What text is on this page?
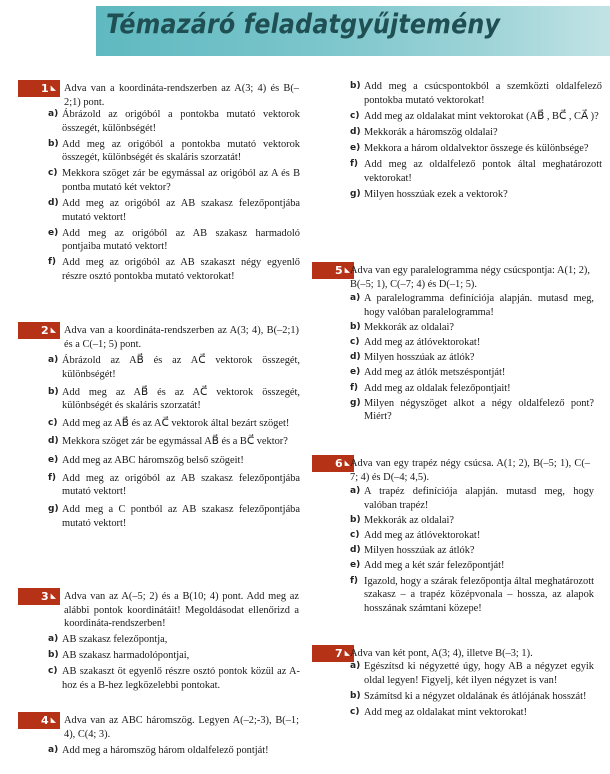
Témazáró feladatgyűjtemény
1 ◣ Adva van a koordináta-rendszerben az A(3; 4) és B(–2;1) pont.
a) Ábrázold az origóból a pontokba mutató vektorok összegét, különbségét!
b) Add meg az origóból a pontokba mutató vektorok összegét, különbségét és skaláris szorzatát!
c) Mekkora szöget zár be egymással az origóból az A és B pontba mutató két vektor?
d) Add meg az origóból az AB szakasz felezőpontjába mutató vektort!
e) Add meg az origóból az AB szakasz harmadoló pontjaiba mutató vektort!
f) Add meg az origóból az AB szakaszt négy egyenlő részre osztó pontokba mutató vektorokat!
2 ◣ Adva van a koordináta-rendszerben az A(3; 4), B(–2;1) és a C(–1; 5) pont.
a) Ábrázold az AB⃗ és az AC⃗ vektorok összegét, különbségét!
b) Add meg az AB⃗ és az AC⃗ vektorok összegét, különbségét és skaláris szorzatát!
c) Add meg az AB⃗ és az AC⃗ vektorok által bezárt szöget!
d) Mekkora szöget zár be egymással AB⃗ és a BC⃗ vektor?
e) Add meg az ABC háromszög belső szögeit!
f) Add meg az origóból az AB szakasz felezőpontjába mutató vektort!
g) Add meg a C pontból az AB szakasz felezőpontjába mutató vektort!
3 ◣ Adva van az A(–5; 2) és a B(10; 4) pont. Add meg az alábbi pontok koordinátáit! Megoldásodat ellenőrizd a koordináta-rendszerben!
a) AB szakasz felezőpontja,
b) AB szakasz harmadolópontjai,
c) AB szakaszt öt egyenlő részre osztó pontok közül az A-hoz és a B-hez legközelebbi pontokat.
4 ◣ Adva van az ABC háromszög. Legyen A(–2;-3), B(–1; 4), C(4; 3).
a) Add meg a háromszög három oldalfelező pontját!
b) Add meg a csúcspontokból a szemközti oldalfelező pontokba mutató vektorokat!
c) Add meg az oldalakat mint vektorokat (AB⃗ , BC⃗ , CA⃗ )?
d) Mekkorák a háromszög oldalai?
e) Mekkora a három oldalvektor összege és különbsége?
f) Add meg az oldalfelező pontok által meghatározott vektorokat!
g) Milyen hosszúak ezek a vektorok?
5 ◣ Adva van egy paralelogramma négy csúcspontja: A(1; 2), B(–5; 1), C(–7; 4) és D(–1; 5).
a) A paralelogramma definíciója alapján. mutasd meg, hogy valóban paralelogramma!
b) Mekkorák az oldalai?
c) Add meg az átlóvektorokat!
d) Milyen hosszúak az átlók?
e) Add meg az átlók metszéspontját!
f) Add meg az oldalak felezőpontjait!
g) Milyen négyszöget alkot a négy oldalfelező pont? Miért?
6 ◣ Adva van egy trapéz négy csúcsa. A(1; 2), B(–5; 1), C(–7; 4) és D(–4; 4,5).
a) A trapéz definíciója alapján. mutasd meg, hogy valóban trapéz!
b) Mekkorák az oldalai?
c) Add meg az átlóvektorokat!
d) Milyen hosszúak az átlók?
e) Add meg a két szár felezőpontját!
f) Igazold, hogy a szárak felezőpontja által meghatározott szakasz – a trapéz középvonala – hossza, az alapok hosszának számtani közepe!
7 ◣ Adva van két pont, A(3; 4), illetve B(–3; 1).
a) Egészítsd ki négyzetté úgy, hogy AB a négyzet egyik oldal legyen! Figyelj, két ilyen négyzet is van!
b) Számítsd ki a négyzet oldalának és átlójának hosszát!
c) Add meg az oldalakat mint vektorokat!
